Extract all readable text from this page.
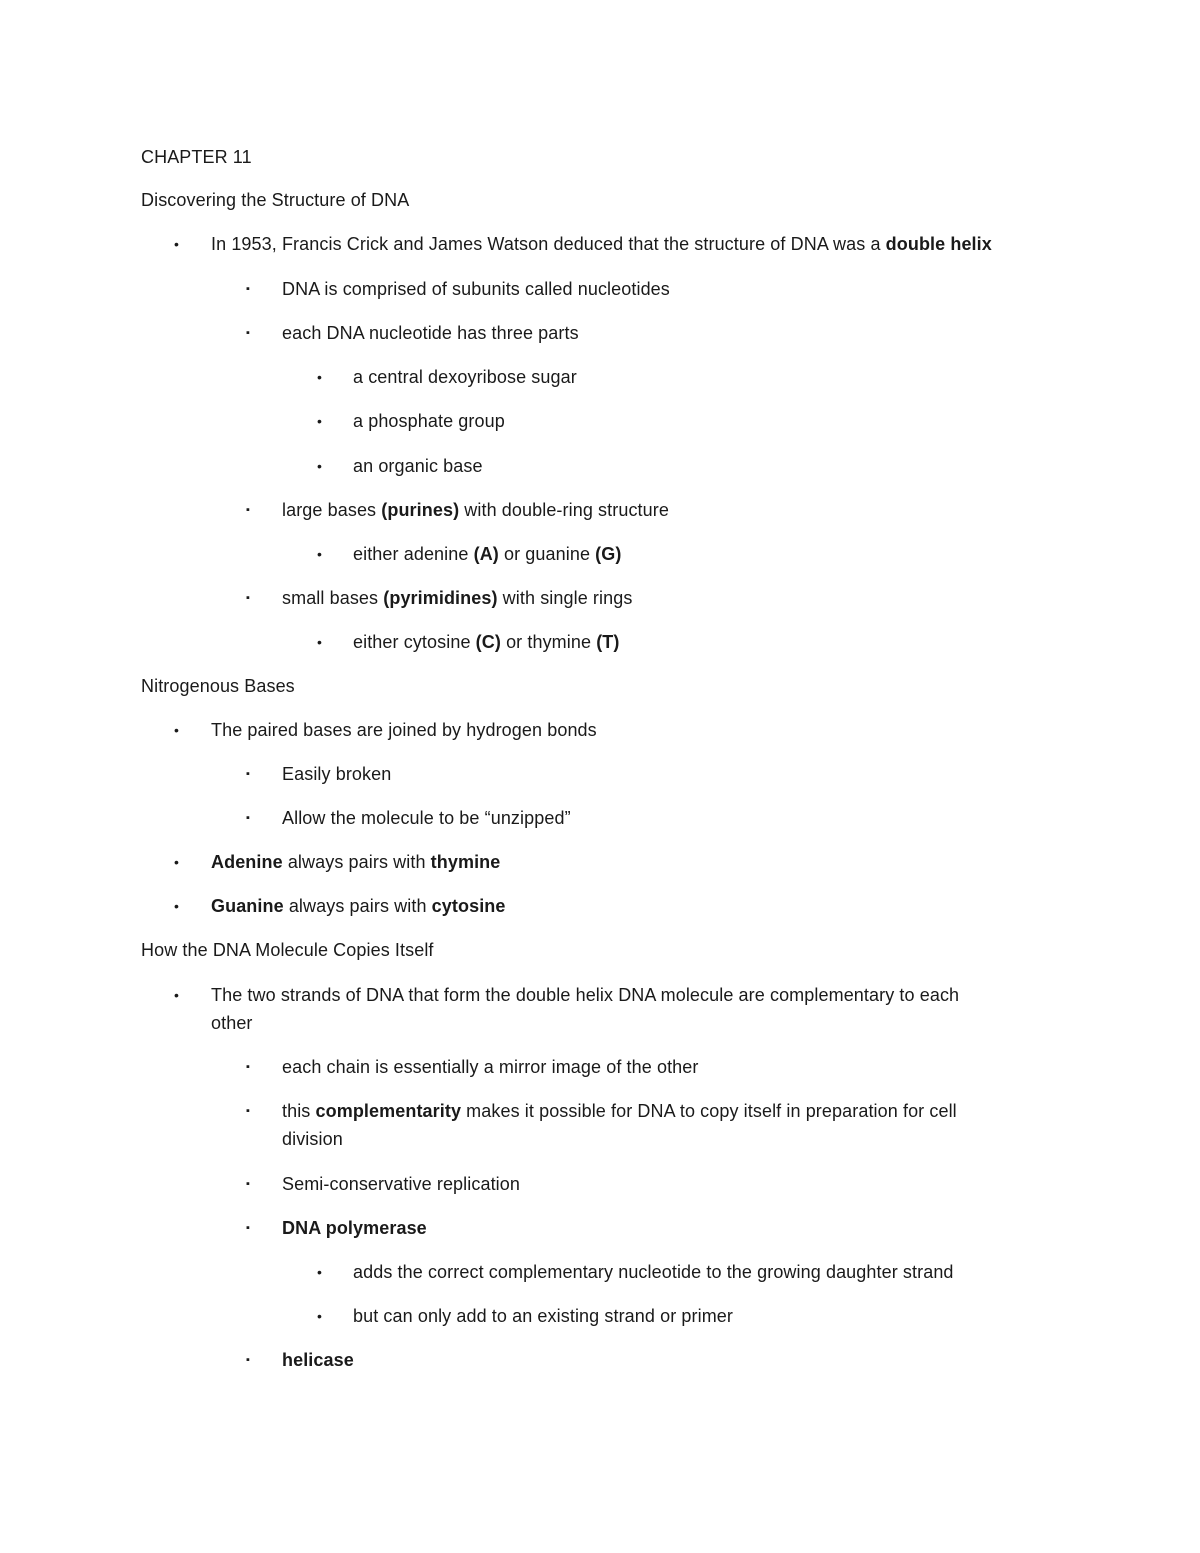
CHAPTER 11
Discovering the Structure of DNA
• In 1953, Francis Crick and James Watson deduced that the structure of DNA was a double helix
▪ DNA is comprised of subunits called nucleotides
▪ each DNA nucleotide has three parts
• a central dexoyribose sugar
• a phosphate group
• an organic base
▪ large bases (purines) with double-ring structure
• either adenine (A) or guanine (G)
▪ small bases (pyrimidines) with single rings
• either cytosine (C) or thymine (T)
Nitrogenous Bases
• The paired bases are joined by hydrogen bonds
▪ Easily broken
▪ Allow the molecule to be “unzipped”
• Adenine always pairs with thymine
• Guanine always pairs with cytosine
How the DNA Molecule Copies Itself
• The two strands of DNA that form the double helix DNA molecule are complementary to each
other
▪ each chain is essentially a mirror image of the other
▪ this complementarity makes it possible for DNA to copy itself in preparation for cell
division
▪ Semi-conservative replication
▪ DNA polymerase
• adds the correct complementary nucleotide to the growing daughter strand
• but can only add to an existing strand or primer
▪ helicase
